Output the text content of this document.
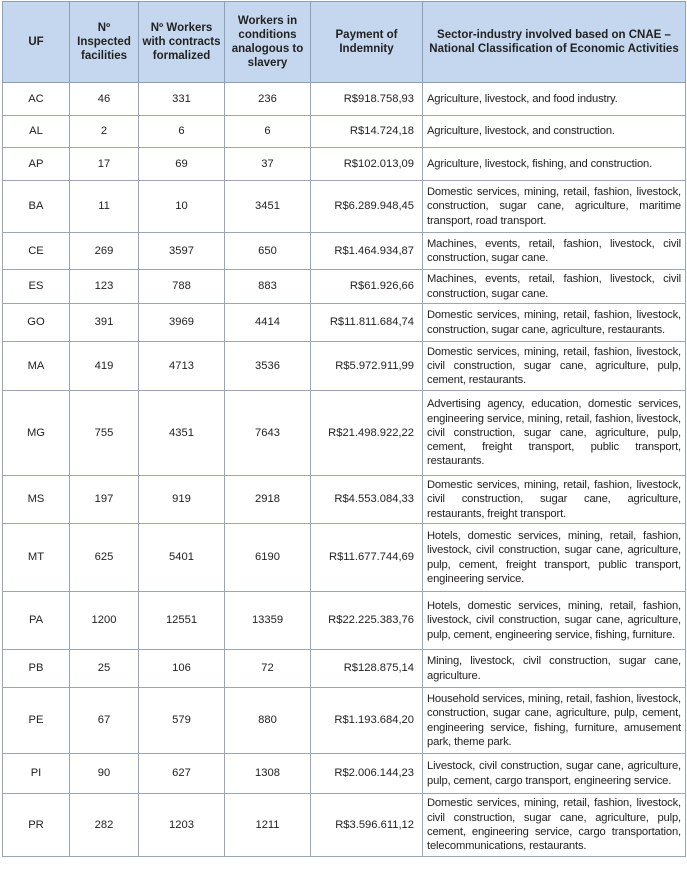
UF	Nº Inspected facilities	Nº Workers with contracts formalized	Workers in conditions analogous to slavery	Payment of Indemnity	Sector-industry involved based on CNAE – National Classification of Economic Activities
AC	46	331	236	R$918.758,93	Agriculture, livestock, and food industry.
AL	2	6	6	R$14.724,18	Agriculture, livestock, and construction.
AP	17	69	37	R$102.013,09	Agriculture, livestock, fishing, and construction.
BA	11	10	3451	R$6.289.948,45	Domestic services, mining, retail, fashion, livestock, construction, sugar cane, agriculture, maritime transport, road transport.
CE	269	3597	650	R$1.464.934,87	Machines, events, retail, fashion, livestock, civil construction, sugar cane.
ES	123	788	883	R$61.926,66	Machines, events, retail, fashion, livestock, civil construction, sugar cane.
GO	391	3969	4414	R$11.811.684,74	Domestic services, mining, retail, fashion, livestock, construction, sugar cane, agriculture, restaurants.
MA	419	4713	3536	R$5.972.911,99	Domestic services, mining, retail, fashion, livestock, civil construction, sugar cane, agriculture, pulp, cement, restaurants.
MG	755	4351	7643	R$21.498.922,22	Advertising agency, education, domestic services, engineering service, mining, retail, fashion, livestock, civil construction, sugar cane, agriculture, pulp, cement, freight transport, public transport, restaurants.
MS	197	919	2918	R$4.553.084,33	Domestic services, mining, retail, fashion, livestock, civil construction, sugar cane, agriculture, restaurants, freight transport.
MT	625	5401	6190	R$11.677.744,69	Hotels, domestic services, mining, retail, fashion, livestock, civil construction, sugar cane, agriculture, pulp, cement, freight transport, public transport, engineering service.
PA	1200	12551	13359	R$22.225.383,76	Hotels, domestic services, mining, retail, fashion, livestock, civil construction, sugar cane, agriculture, pulp, cement, engineering service, fishing, furniture.
PB	25	106	72	R$128.875,14	Mining, livestock, civil construction, sugar cane, agriculture.
PE	67	579	880	R$1.193.684,20	Household services, mining, retail, fashion, livestock, construction, sugar cane, agriculture, pulp, cement, engineering service, fishing, furniture, amusement park, theme park.
PI	90	627	1308	R$2.006.144,23	Livestock, civil construction, sugar cane, agriculture, pulp, cement, cargo transport, engineering service.
PR	282	1203	1211	R$3.596.611,12	Domestic services, mining, retail, fashion, livestock, civil construction, sugar cane, agriculture, pulp, cement, engineering service, cargo transportation, telecommunications, restaurants.
